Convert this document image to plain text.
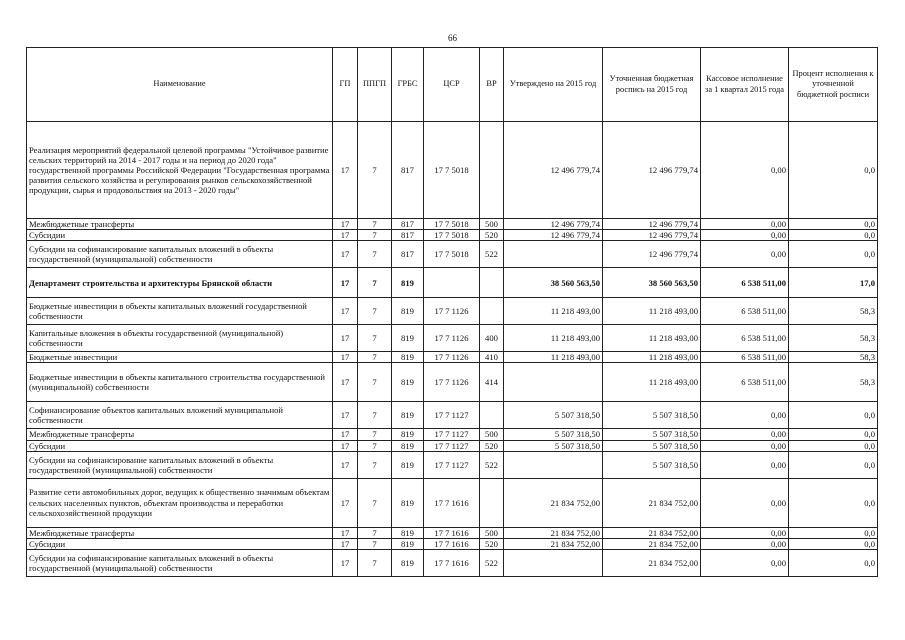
66
Наименование	ГП	ППГП	ГРБС	ЦСР	ВР	Утверждено на 2015 год	Уточненная бюджетная роспись на 2015 год	Кассовое исполнение за 1 квартал 2015 года	Процент исполнения к уточненной бюджетной росписи
Реализация мероприятий федеральной целевой программы "Устойчивое развитие сельских территорий на 2014 - 2017 годы и на период до 2020 года" государственной программы Российской Федерации "Государственная программа развития сельского хозяйства и регулирования рынков сельскохозяйственной продукции, сырья и продовольствия на 2013 - 2020 годы"	17	7	817	17 7 5018		12 496 779,74	12 496 779,74	0,00	0,0
Межбюджетные трансферты	17	7	817	17 7 5018	500	12 496 779,74	12 496 779,74	0,00	0,0
Субсидии	17	7	817	17 7 5018	520	12 496 779,74	12 496 779,74	0,00	0,0
Субсидии на софинансирование капитальных вложений в объекты государственной (муниципальной) собственности	17	7	817	17 7 5018	522		12 496 779,74	0,00	0,0
Департамент строительства и архитектуры Брянской области	17	7	819			38 560 563,50	38 560 563,50	6 538 511,00	17,0
Бюджетные инвестиции в объекты капитальных вложений государственной собственности	17	7	819	17 7 1126		11 218 493,00	11 218 493,00	6 538 511,00	58,3
Капитальные вложения в объекты государственной (муниципальной) собственности	17	7	819	17 7 1126	400	11 218 493,00	11 218 493,00	6 538 511,00	58,3
Бюджетные инвестиции	17	7	819	17 7 1126	410	11 218 493,00	11 218 493,00	6 538 511,00	58,3
Бюджетные инвестиции в объекты капитального строительства государственной (муниципальной) собственности	17	7	819	17 7 1126	414		11 218 493,00	6 538 511,00	58,3
Софинансирование объектов капитальных вложений муниципальной собственности	17	7	819	17 7 1127		5 507 318,50	5 507 318,50	0,00	0,0
Межбюджетные трансферты	17	7	819	17 7 1127	500	5 507 318,50	5 507 318,50	0,00	0,0
Субсидии	17	7	819	17 7 1127	520	5 507 318,50	5 507 318,50	0,00	0,0
Субсидии на софинансирование капитальных вложений в объекты государственной (муниципальной) собственности	17	7	819	17 7 1127	522		5 507 318,50	0,00	0,0
Развитие сети автомобильных дорог, ведущих к общественно значимым объектам сельских населенных пунктов, объектам производства и переработки сельскохозяйственной продукции	17	7	819	17 7 1616		21 834 752,00	21 834 752,00	0,00	0,0
Межбюджетные трансферты	17	7	819	17 7 1616	500	21 834 752,00	21 834 752,00	0,00	0,0
Субсидии	17	7	819	17 7 1616	520	21 834 752,00	21 834 752,00	0,00	0,0
Субсидии на софинансирование капитальных вложений в объекты государственной (муниципальной) собственности	17	7	819	17 7 1616	522		21 834 752,00	0,00	0,0
